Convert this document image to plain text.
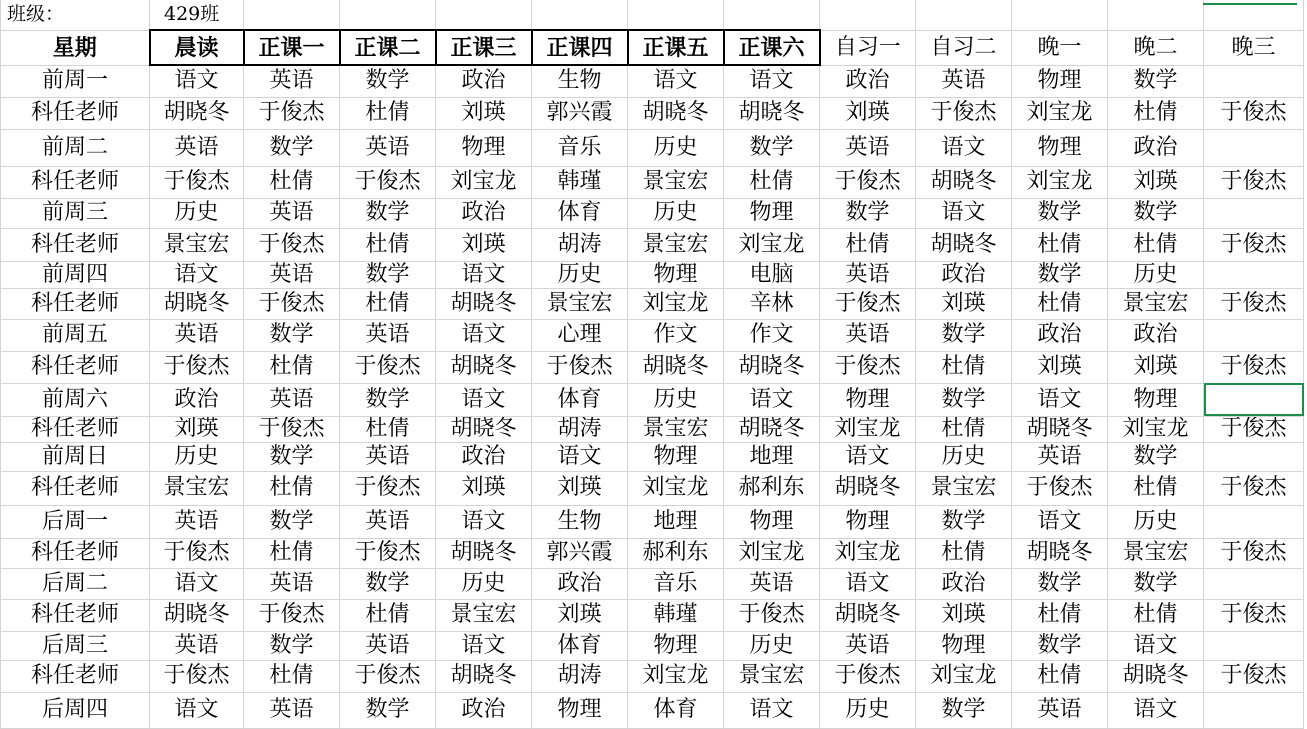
班级：	429班											
星期	晨读	正课一	正课二	正课三	正课四	正课五	正课六	自习一	自习二	晚一	晚二	晚三
前周一	语文	英语	数学	政治	生物	语文	语文	政治	英语	物理	数学	
科任老师	胡晓冬	于俊杰	杜倩	刘瑛	郭兴霞	胡晓冬	胡晓冬	刘瑛	于俊杰	刘宝龙	杜倩	于俊杰
前周二	英语	数学	英语	物理	音乐	历史	数学	英语	语文	物理	政治	
科任老师	于俊杰	杜倩	于俊杰	刘宝龙	韩瑾	景宝宏	杜倩	于俊杰	胡晓冬	刘宝龙	刘瑛	于俊杰
前周三	历史	英语	数学	政治	体育	历史	物理	数学	语文	数学	数学	
科任老师	景宝宏	于俊杰	杜倩	刘瑛	胡涛	景宝宏	刘宝龙	杜倩	胡晓冬	杜倩	杜倩	于俊杰
前周四	语文	英语	数学	语文	历史	物理	电脑	英语	政治	数学	历史	
科任老师	胡晓冬	于俊杰	杜倩	胡晓冬	景宝宏	刘宝龙	辛林	于俊杰	刘瑛	杜倩	景宝宏	于俊杰
前周五	英语	数学	英语	语文	心理	作文	作文	英语	数学	政治	政治	
科任老师	于俊杰	杜倩	于俊杰	胡晓冬	于俊杰	胡晓冬	胡晓冬	于俊杰	杜倩	刘瑛	刘瑛	于俊杰
前周六	政治	英语	数学	语文	体育	历史	语文	物理	数学	语文	物理	
科任老师	刘瑛	于俊杰	杜倩	胡晓冬	胡涛	景宝宏	胡晓冬	刘宝龙	杜倩	胡晓冬	刘宝龙	于俊杰
前周日	历史	数学	英语	政治	语文	物理	地理	语文	历史	英语	数学	
科任老师	景宝宏	杜倩	于俊杰	刘瑛	刘瑛	刘宝龙	郝利东	胡晓冬	景宝宏	于俊杰	杜倩	于俊杰
后周一	英语	数学	英语	语文	生物	地理	物理	物理	数学	语文	历史	
科任老师	于俊杰	杜倩	于俊杰	胡晓冬	郭兴霞	郝利东	刘宝龙	刘宝龙	杜倩	胡晓冬	景宝宏	于俊杰
后周二	语文	英语	数学	历史	政治	音乐	英语	语文	政治	数学	数学	
科任老师	胡晓冬	于俊杰	杜倩	景宝宏	刘瑛	韩瑾	于俊杰	胡晓冬	刘瑛	杜倩	杜倩	于俊杰
后周三	英语	数学	英语	语文	体育	物理	历史	英语	物理	数学	语文	
科任老师	于俊杰	杜倩	于俊杰	胡晓冬	胡涛	刘宝龙	景宝宏	于俊杰	刘宝龙	杜倩	胡晓冬	于俊杰
后周四	语文	英语	数学	政治	物理	体育	语文	历史	数学	英语	语文	
